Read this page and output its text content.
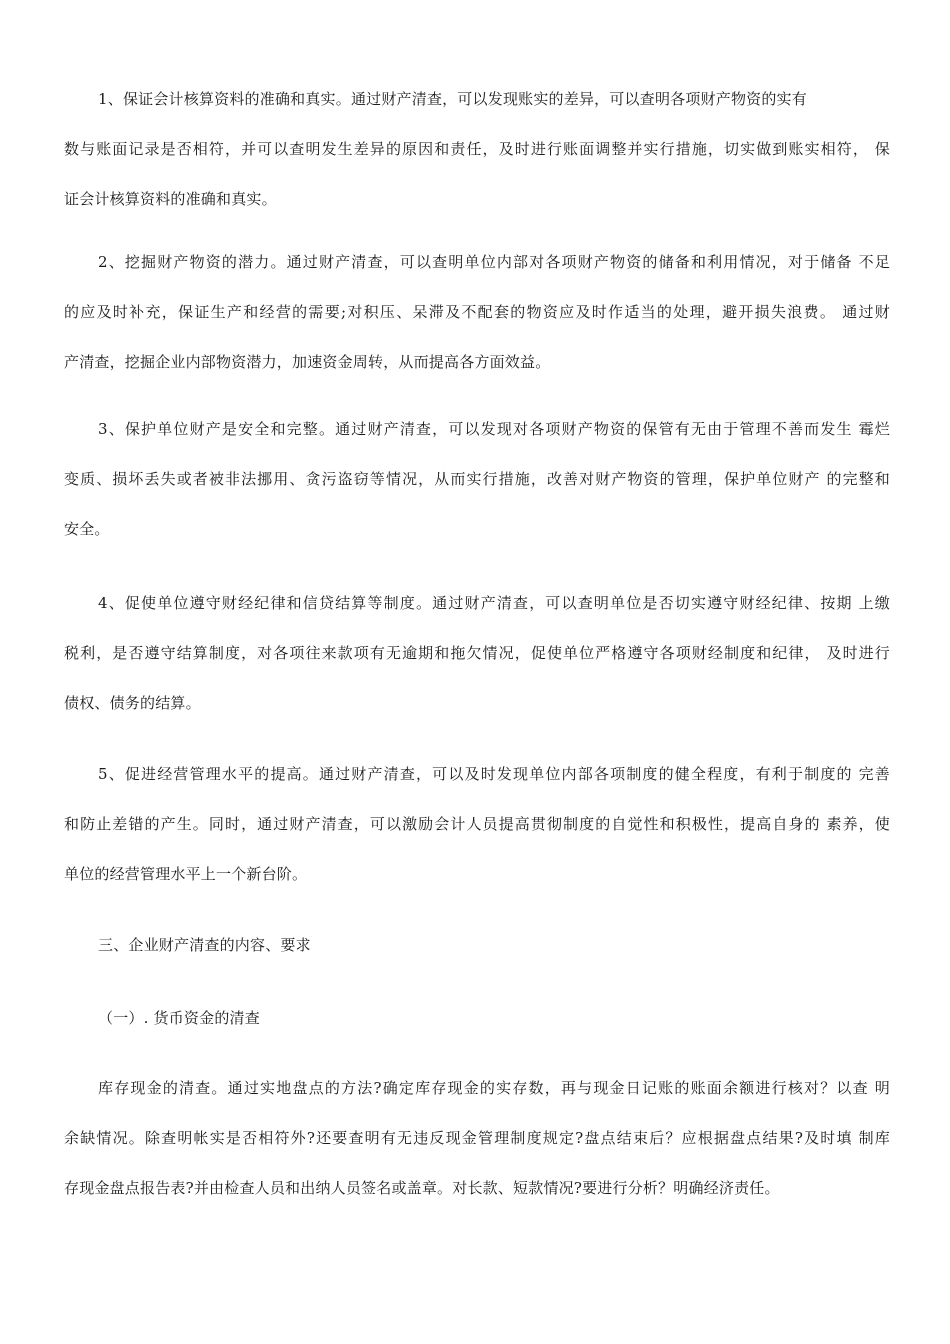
1、保证会计核算资料的准确和真实。通过财产清查，可以发现账实的差异，可以查明各项财产物资的实有
数与账面记录是否相符，并可以查明发生差异的原因和责任，及时进行账面调整并实行措施，切实做到账实相符， 保
证会计核算资料的准确和真实。
2、挖掘财产物资的潜力。通过财产清查，可以查明单位内部对各项财产物资的储备和利用情况，对于储备 不足
的应及时补充，保证生产和经营的需要;对积压、呆滞及不配套的物资应及时作适当的处理，避开损失浪费。 通过财
产清查，挖掘企业内部物资潜力，加速资金周转，从而提高各方面效益。
3、保护单位财产是安全和完整。通过财产清查，可以发现对各项财产物资的保管有无由于管理不善而发生 霉烂
变质、损坏丢失或者被非法挪用、贪污盗窃等情况，从而实行措施，改善对财产物资的管理，保护单位财产 的完整和
安全。
4、促使单位遵守财经纪律和信贷结算等制度。通过财产清查，可以查明单位是否切实遵守财经纪律、按期 上缴
税利，是否遵守结算制度，对各项往来款项有无逾期和拖欠情况，促使单位严格遵守各项财经制度和纪律， 及时进行
债权、债务的结算。
5、促进经营管理水平的提高。通过财产清查，可以及时发现单位内部各项制度的健全程度，有利于制度的 完善
和防止差错的产生。同时，通过财产清查，可以激励会计人员提高贯彻制度的自觉性和积极性，提高自身的 素养，使
单位的经营管理水平上一个新台阶。
三、企业财产清查的内容、要求
（一）. 货币资金的清查
库存现金的清查。通过实地盘点的方法?确定库存现金的实存数，再与现金日记账的账面余额进行核对？以查 明
余缺情况。除查明帐实是否相符外?还要查明有无违反现金管理制度规定?盘点结束后？应根据盘点结果?及时填 制库
存现金盘点报告表?并由检查人员和出纳人员签名或盖章。对长款、短款情况?要进行分析？明确经济责任。
